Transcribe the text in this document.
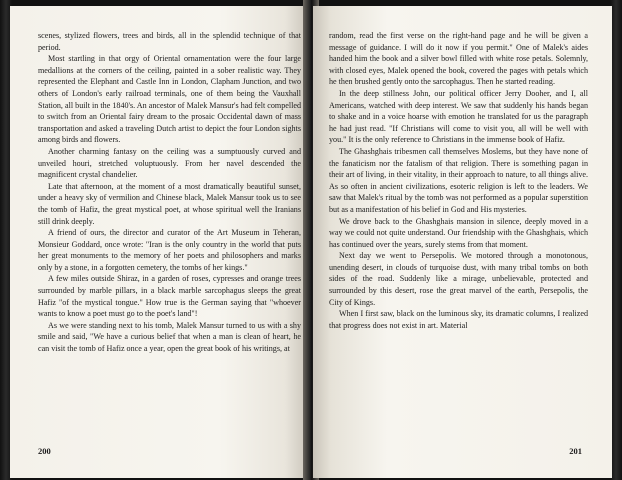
scenes, stylized flowers, trees and birds, all in the splendid technique of that period.

Most startling in that orgy of Oriental ornamentation were the four large medallions at the corners of the ceiling, painted in a sober realistic way. They represented the Elephant and Castle Inn in London, Clapham Junction, and two others of London's early railroad terminals, one of them being the Vauxhall Station, all built in the 1840's. An ancestor of Malek Mansur's had felt compelled to switch from an Oriental fairy dream to the prosaic Occidental dawn of mass transportation and asked a traveling Dutch artist to depict the four London sights among birds and flowers.

Another charming fantasy on the ceiling was a sumptuously curved and unveiled houri, stretched voluptuously. From her navel descended the magnificent crystal chandelier.

Late that afternoon, at the moment of a most dramatically beautiful sunset, under a heavy sky of vermilion and Chinese black, Malek Mansur took us to see the tomb of Hafiz, the great mystical poet, at whose spiritual well the Iranians still drink deeply.

A friend of ours, the director and curator of the Art Museum in Teheran, Monsieur Goddard, once wrote: "Iran is the only country in the world that puts her great monuments to the memory of her poets and philosophers and marks only by a stone, in a forgotten cemetery, the tombs of her kings."

A few miles outside Shiraz, in a garden of roses, cypresses and orange trees surrounded by marble pillars, in a black marble sarcophagus sleeps the great Hafiz "of the mystical tongue." How true is the German saying that "whoever wants to know a poet must go to the poet's land"!

As we were standing next to his tomb, Malek Mansur turned to us with a shy smile and said, "We have a curious belief that when a man is clean of heart, he can visit the tomb of Hafiz once a year, open the great book of his writings, at

200

random, read the first verse on the right-hand page and he will be given a message of guidance. I will do it now if you permit." One of Malek's aides handed him the book and a silver bowl filled with white rose petals. Solemnly, with closed eyes, Malek opened the book, covered the pages with petals which he then brushed gently onto the sarcophagus. Then he started reading.

In the deep stillness John, our political officer Jerry Dooher, and I, all Americans, watched with deep interest. We saw that suddenly his hands began to shake and in a voice hoarse with emotion he translated for us the paragraph he had just read. "If Christians will come to visit you, all will be well with you." It is the only reference to Christians in the immense book of Hafiz.

The Ghashghais tribesmen call themselves Moslems, but they have none of the fanaticism nor the fatalism of that religion. There is something pagan in their art of living, in their vitality, in their approach to nature, to all things alive. As so often in ancient civilizations, esoteric religion is left to the leaders. We saw that Malek's ritual by the tomb was not performed as a popular superstition but as a manifestation of his belief in God and His mysteries.

We drove back to the Ghashghais mansion in silence, deeply moved in a way we could not quite understand. Our friendship with the Ghashghais, which has continued over the years, surely stems from that moment.

Next day we went to Persepolis. We motored through a monotonous, unending desert, in clouds of turquoise dust, with many tribal tombs on both sides of the road. Suddenly like a mirage, unbelievable, protected and surrounded by this desert, rose the great marvel of the earth, Persepolis, the City of Kings.

When I first saw, black on the luminous sky, its dramatic columns, I realized that progress does not exist in art. Material

201
